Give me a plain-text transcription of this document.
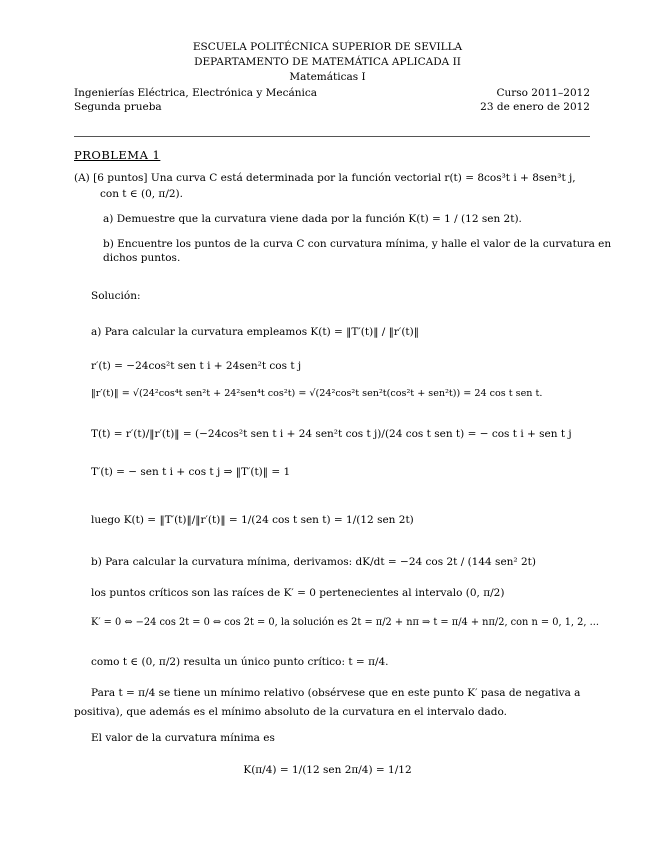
ESCUELA POLITÉCNICA SUPERIOR DE SEVILLA
DEPARTAMENTO DE MATEMÁTICA APLICADA II
Matemáticas I
Ingenierías Eléctrica, Electrónica y Mecánica	Curso 2011–2012
Segunda prueba	23 de enero de 2012
PROBLEMA 1
(A) [6 puntos] Una curva C está determinada por la función vectorial r(t) = 8cos³t i + 8sen³t j,
con t ∈ (0, π/2).
a) Demuestre que la curvatura viene dada por la función K(t) = 1 / (12 sen 2t).
b) Encuentre los puntos de la curva C con curvatura mínima, y halle el valor de la curvatura en
dichos puntos.
Solución:
a) Para calcular la curvatura empleamos K(t) = ‖T′(t)‖ / ‖r′(t)‖
r′(t) = −24cos²t sen t i + 24sen²t cos t j
‖r′(t)‖ = √(24²cos⁴t sen²t + 24²sen⁴t cos²t) = √(24²cos²t sen²t(cos²t + sen²t)) = 24 cos t sen t.
T(t) = r′(t)/‖r′(t)‖ = (−24cos²t sen t i + 24 sen²t cos t j)/(24 cos t sen t) = − cos t i + sen t j
T′(t) = − sen t i + cos t j ⇒ ‖T′(t)‖ = 1
luego K(t) = ‖T′(t)‖/‖r′(t)‖ = 1/(24 cos t sen t) = 1/(12 sen 2t)
b) Para calcular la curvatura mínima, derivamos: dK/dt = −24 cos 2t / (144 sen² 2t)
los puntos críticos son las raíces de K′ = 0 pertenecientes al intervalo (0, π/2)
K′ = 0 ⇔ −24 cos 2t = 0 ⇔ cos 2t = 0, la solución es 2t = π/2 + nπ ⇒ t = π/4 + nπ/2, con n = 0, 1, 2, ...
como t ∈ (0, π/2) resulta un único punto crítico: t = π/4.
Para t = π/4 se tiene un mínimo relativo (obsérvese que en este punto K′ pasa de negativa a
positiva), que además es el mínimo absoluto de la curvatura en el intervalo dado.
El valor de la curvatura mínima es
K(π/4) = 1/(12 sen 2π/4) = 1/12
